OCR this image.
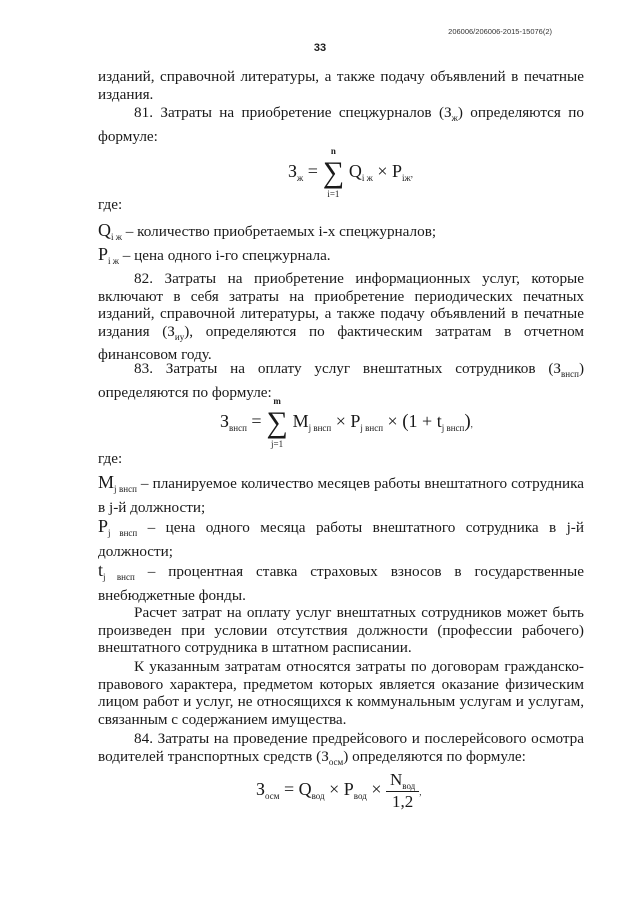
206006/206006-2015-15076(2)
33

изданий, справочной литературы, а также подачу объявлений в печатные издания.

81. Затраты на приобретение спецжурналов $(З_ж)$ определяются по формуле:

$З_ж$ =
n
∑
i=1
$Q_{i ж} \times P_{iж}$,

где:

$Q_{i ж}$ – количество приобретаемых i-х спецжурналов;

$P_{i ж}$ – цена одного i-го спецжурнала.

82. Затраты на приобретение информационных услуг, которые включают в себя затраты на приобретение периодических печатных изданий, справочной литературы, а также подачу объявлений в печатные издания $(З_{иу})$, определяются по фактическим затратам в отчетном финансовом году.

83. Затраты на оплату услуг внештатных сотрудников $(З_{внсп})$ определяются по формуле:

$З_{внсп}$ =
m
∑
j=1
$M_{j внсп} \times P_{j внсп} \times (1 + t_{j внсп})$,

где:

$M_{j внсп}$ – планируемое количество месяцев работы внештатного сотрудника в j-й должности;

$P_{j внсп}$ – цена одного месяца работы внештатного сотрудника в j-й должности;

$t_{j внсп}$ – процентная ставка страховых взносов в государственные внебюджетные фонды.

Расчет затрат на оплату услуг внештатных сотрудников может быть произведен при условии отсутствия должности (профессии рабочего) внештатного сотрудника в штатном расписании.

К указанным затратам относятся затраты по договорам гражданско-правового характера, предметом которых является оказание физическим лицом работ и услуг, не относящихся к коммунальным услугам и услугам, связанным с содержанием имущества.

84. Затраты на проведение предрейсового и послерейсового осмотра водителей транспортных средств $(З_{осм})$ определяются по формуле:

$З_{осм} = Q_{вод} \times P_{вод} \times \frac{N_{вод}}{1,2}$ ,
